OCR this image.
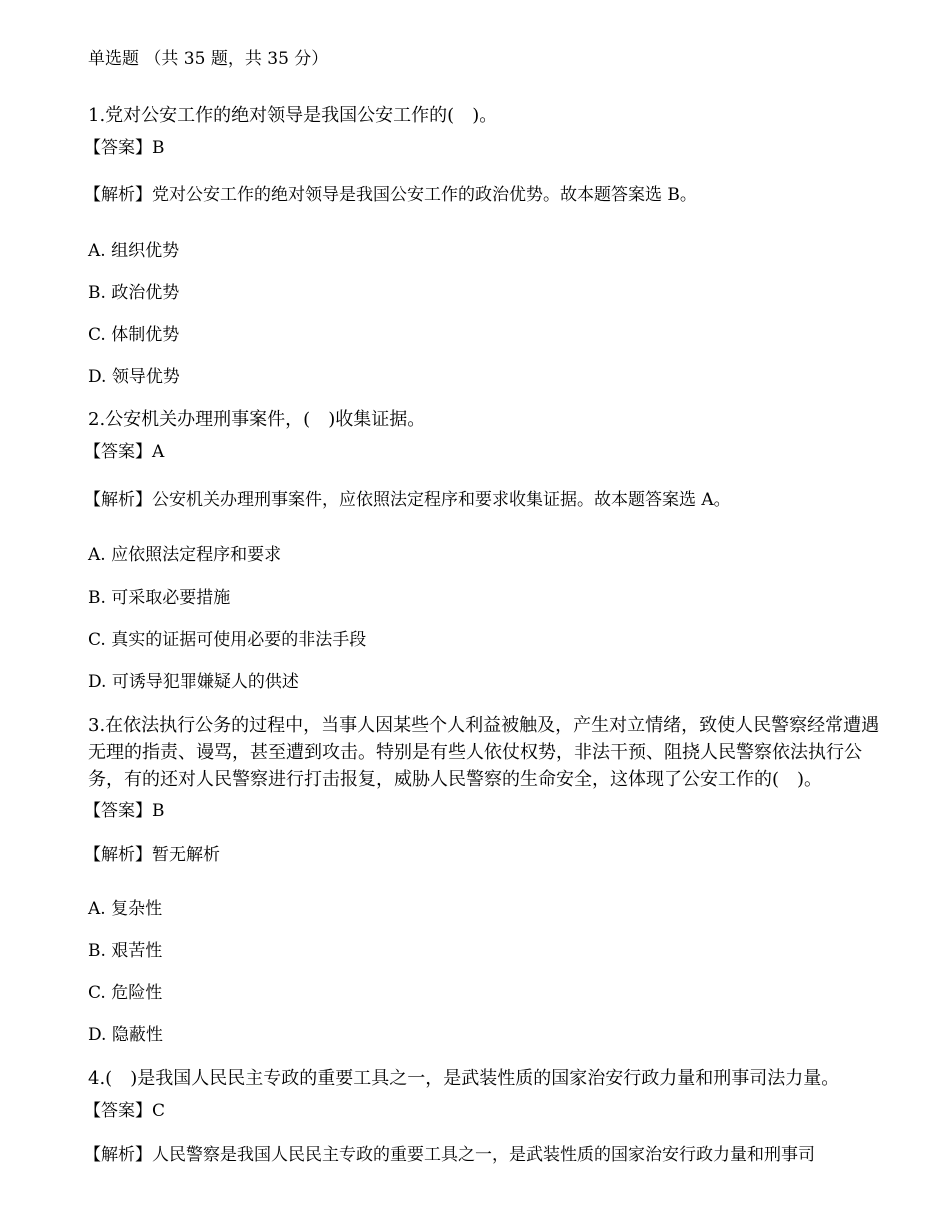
单选题 （共 35 题，共 35 分）

1.党对公安工作的绝对领导是我国公安工作的(　)。

【答案】B

【解析】党对公安工作的绝对领导是我国公安工作的政治优势。故本题答案选 B。

A. 组织优势

B. 政治优势

C. 体制优势

D. 领导优势

2.公安机关办理刑事案件，(　)收集证据。

【答案】A

【解析】公安机关办理刑事案件，应依照法定程序和要求收集证据。故本题答案选 A。

A. 应依照法定程序和要求

B. 可采取必要措施

C. 真实的证据可使用必要的非法手段

D. 可诱导犯罪嫌疑人的供述

3.在依法执行公务的过程中，当事人因某些个人利益被触及，产生对立情绪，致使人民警察经常遭遇
无理的指责、谩骂，甚至遭到攻击。特别是有些人依仗权势，非法干预、阻挠人民警察依法执行公
务，有的还对人民警察进行打击报复，威胁人民警察的生命安全，这体现了公安工作的(　)。

【答案】B

【解析】暂无解析

A. 复杂性

B. 艰苦性

C. 危险性

D. 隐蔽性

4.(　)是我国人民民主专政的重要工具之一，是武装性质的国家治安行政力量和刑事司法力量。

【答案】C

【解析】人民警察是我国人民民主专政的重要工具之一，是武装性质的国家治安行政力量和刑事司
